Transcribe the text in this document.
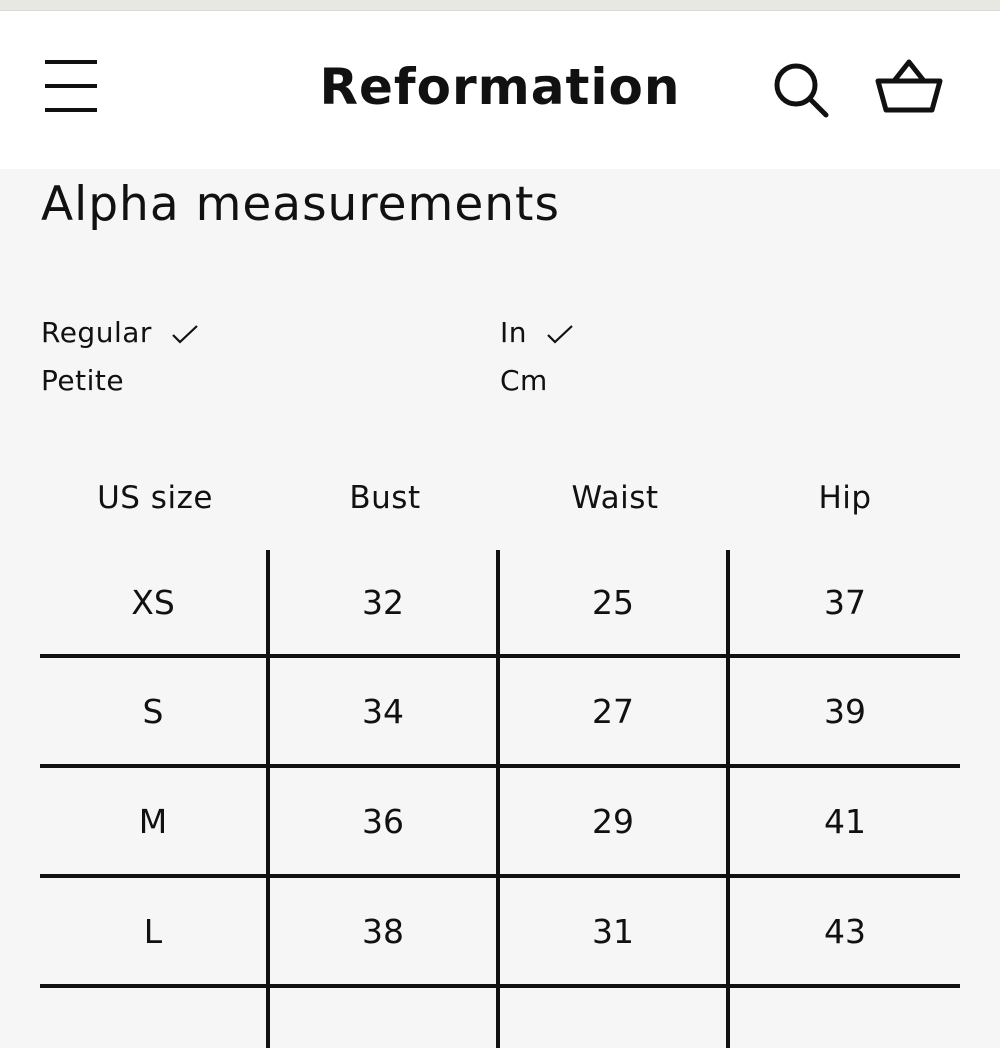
Reformation
Alpha measurements
Regular
Petite
In
Cm
US size	Bust	Waist	Hip
XS	32	25	37
S	34	27	39
M	36	29	41
L	38	31	43
